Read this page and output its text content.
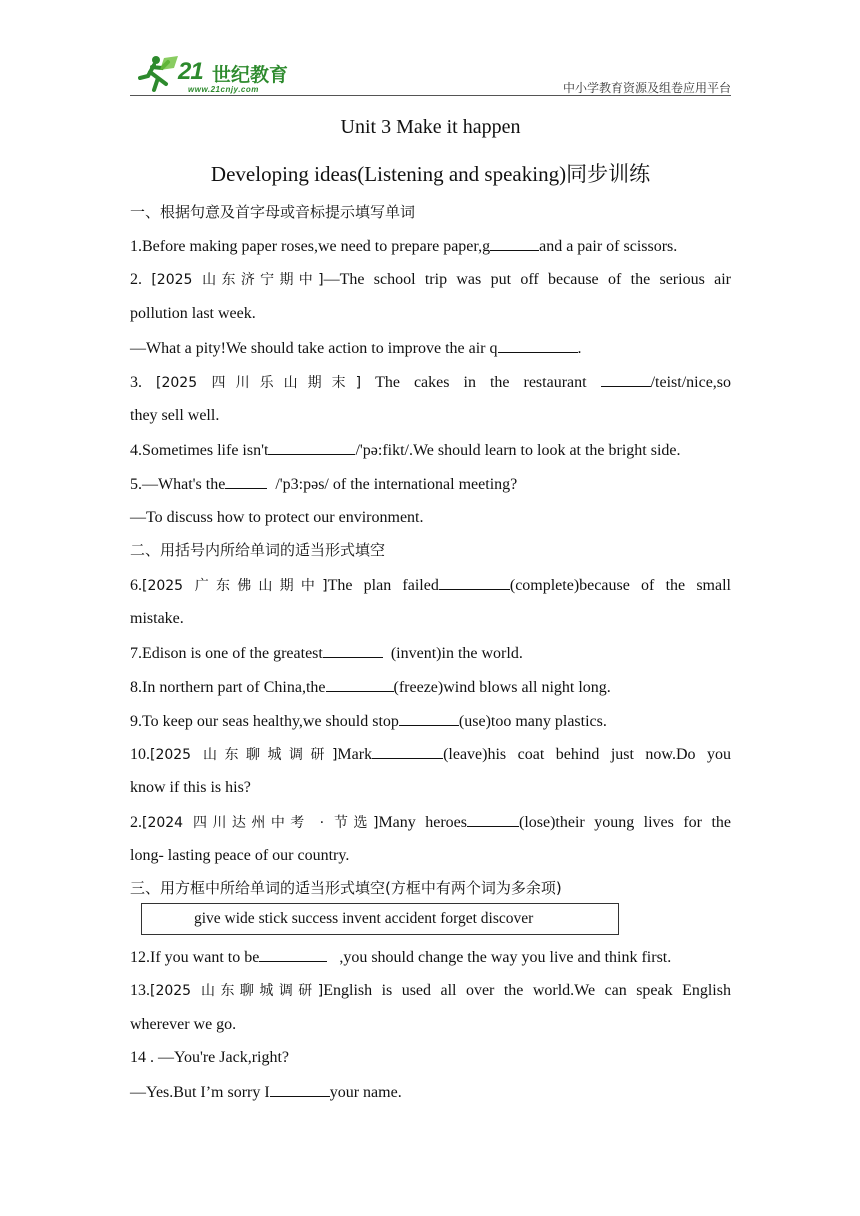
21 世纪教育
www.21cnjy.com	中小学教育资源及组卷应用平台
Unit 3 Make it happen
Developing ideas(Listening and speaking)同步训练
一、根据句意及首字母或音标提示填写单词
1.Before making paper roses,we need to prepare paper,g	and a pair of scissors.
2. [2025 山东济宁期中]—The school trip was put off because of the serious air
pollution last week.
—What a pity!We should take action to improve the air q	.
3. [2025 四川乐山期末] The cakes in the restaurant	/teist/nice,so
they sell well.
4.Sometimes life isn't	/'pə:fikt/.We should learn to look at the bright side.
5.—What's the	/'p3:pəs/ of the international meeting?
—To discuss how to protect our environment.
二、用括号内所给单词的适当形式填空
6.[2025 广东佛山期中]The plan failed	(complete)because of the small
mistake.
7.Edison is one of the greatest	(invent)in the world.
8.In northern part of China,the	(freeze)wind blows all night long.
9.To keep our seas healthy,we should stop	(use)too many plastics.
10.[2025 山东聊城调研]Mark	(leave)his coat behind just now.Do you
know if this is his?
2.[2024 四川达州中考 · 节选]Many heroes	(lose)their young lives for the
long- lasting peace of our country.
三、用方框中所给单词的适当形式填空(方框中有两个词为多余项)
give wide stick success invent accident forget discover
12.If you want to be	,you should change the way you live and think first.
13.[2025 山东聊城调研]English is used all over the world.We can speak English
wherever we go.
14 . —You're Jack,right?
—Yes.But I’m sorry I	your name.
